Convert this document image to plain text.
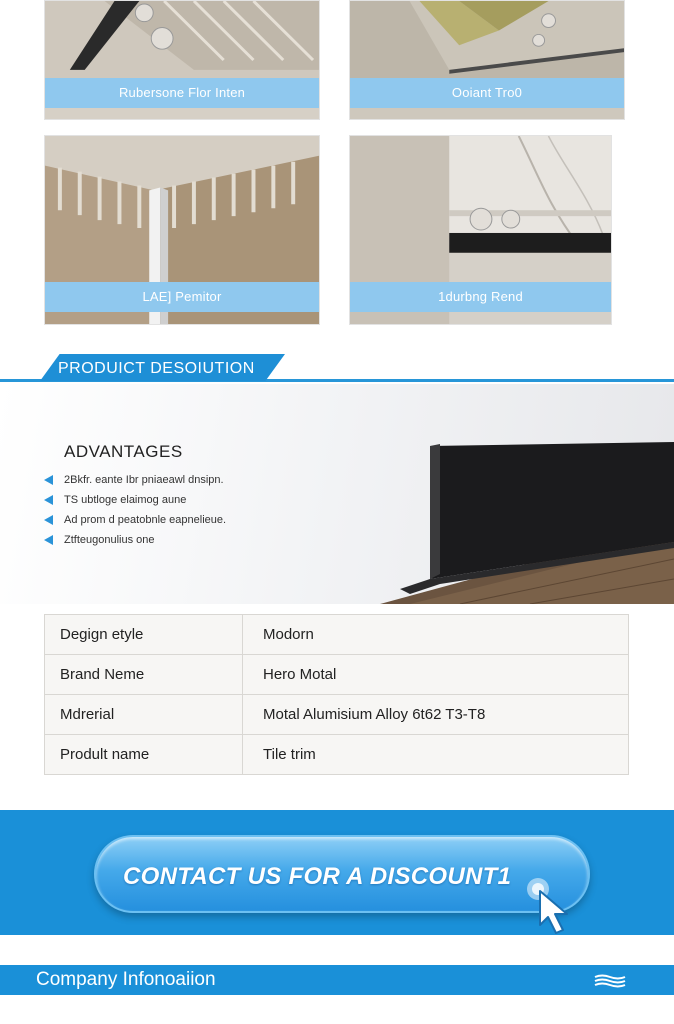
Rubersone Flor Inten	Ooiant Tro0
LAE] Pemitor	1durbng Rend
PRODUICT DESOIUTION
ADVANTAGES
2Bkfr. eante Ibr pniaeawl dnsipn.
TS ubtloge elaimog aune
Ad prom d peatobnle eapnelieue.
Ztfteugonulius one
Degign etyle	Modorn
Brand Neme	Hero Motal
Mdrerial	Motal Alumisium Alloy 6t62 T3-T8
Prodult name	Tile trim
CONTACT US FOR A DISCOUNT1
Company Infonoaiion
